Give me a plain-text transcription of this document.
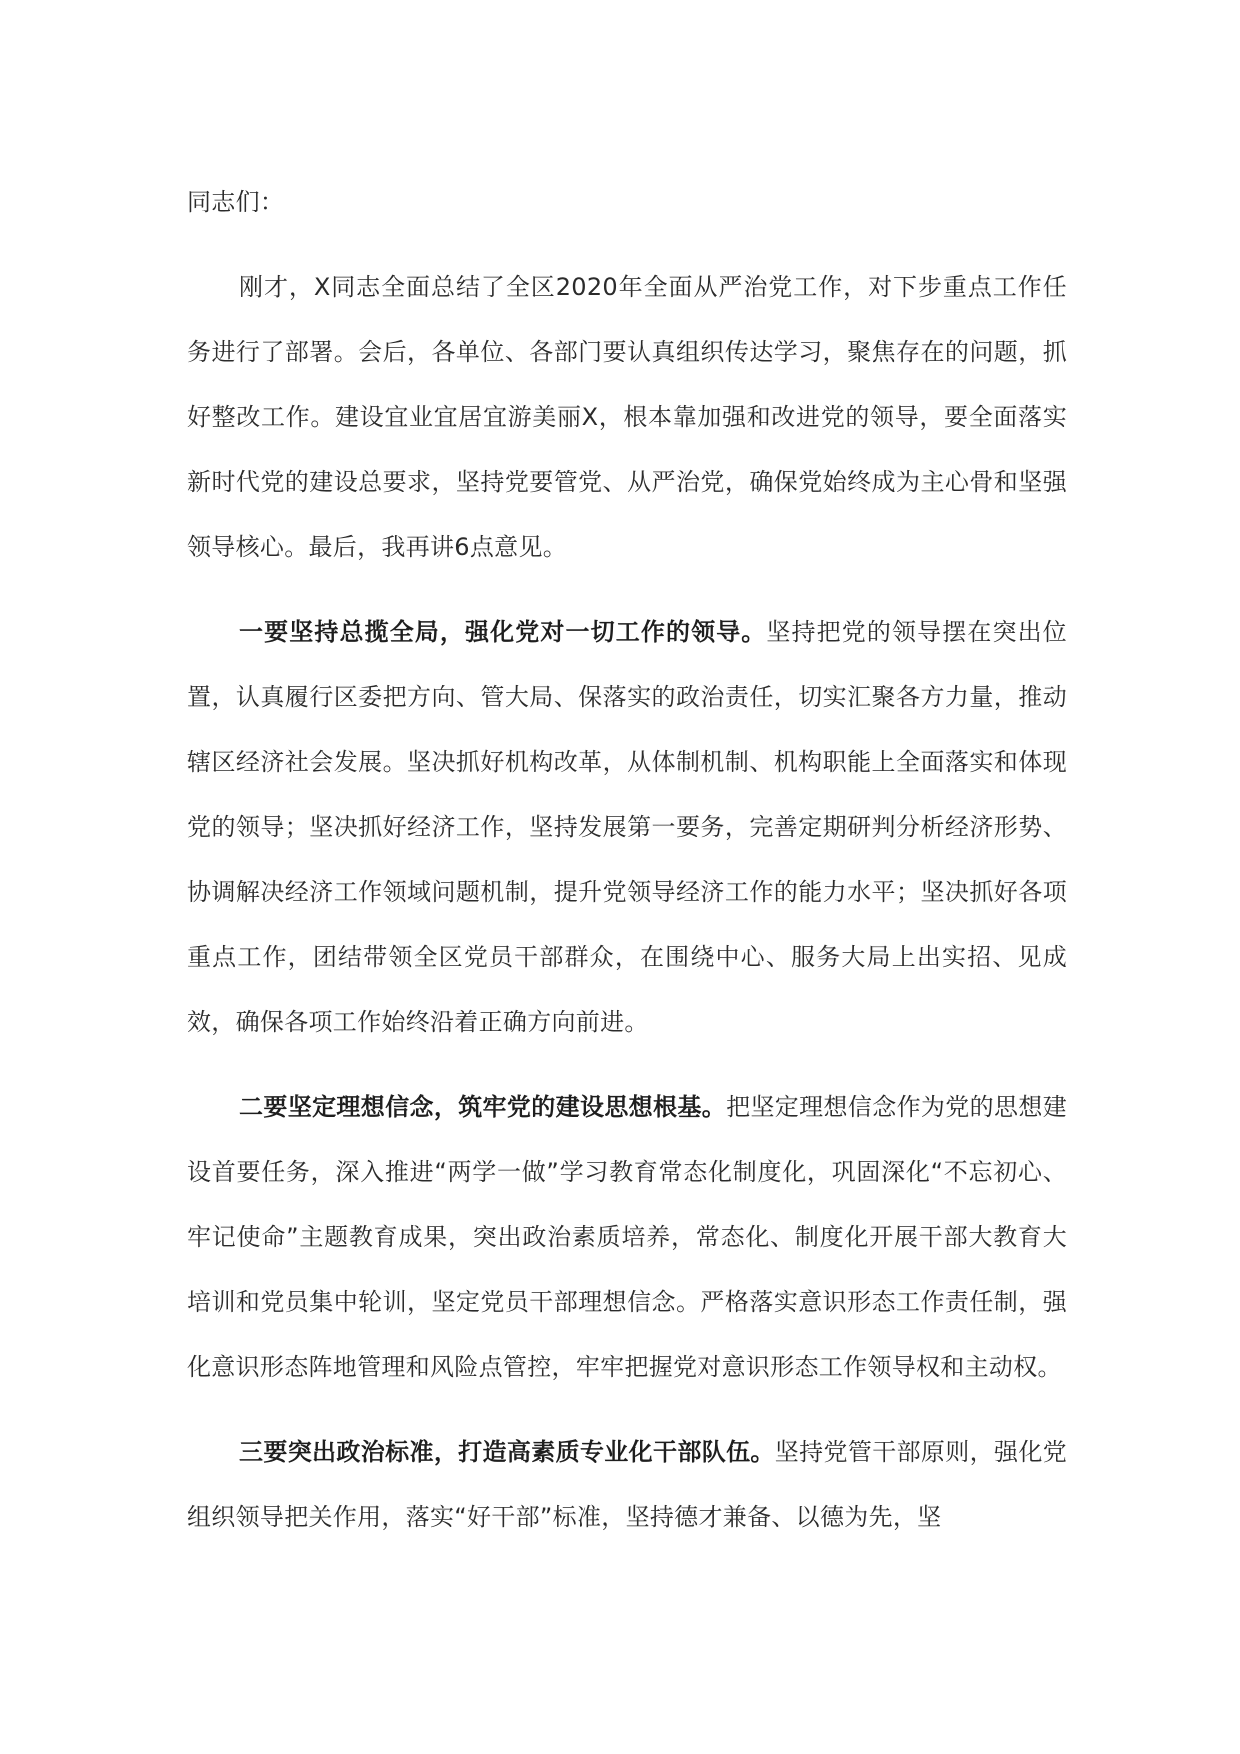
同志们：

刚才，X同志全面总结了全区2020年全面从严治党工作，对下步重点工作任务进行了部署。会后，各单位、各部门要认真组织传达学习，聚焦存在的问题，抓好整改工作。建设宜业宜居宜游美丽X，根本靠加强和改进党的领导，要全面落实新时代党的建设总要求，坚持党要管党、从严治党，确保党始终成为主心骨和坚强领导核心。最后，我再讲6点意见。

一要坚持总揽全局，强化党对一切工作的领导。坚持把党的领导摆在突出位置，认真履行区委把方向、管大局、保落实的政治责任，切实汇聚各方力量，推动辖区经济社会发展。坚决抓好机构改革，从体制机制、机构职能上全面落实和体现党的领导；坚决抓好经济工作，坚持发展第一要务，完善定期研判分析经济形势、协调解决经济工作领域问题机制，提升党领导经济工作的能力水平；坚决抓好各项重点工作，团结带领全区党员干部群众，在围绕中心、服务大局上出实招、见成效，确保各项工作始终沿着正确方向前进。

二要坚定理想信念，筑牢党的建设思想根基。把坚定理想信念作为党的思想建设首要任务，深入推进“两学一做”学习教育常态化制度化，巩固深化“不忘初心、牢记使命”主题教育成果，突出政治素质培养，常态化、制度化开展干部大教育大培训和党员集中轮训，坚定党员干部理想信念。严格落实意识形态工作责任制，强化意识形态阵地管理和风险点管控，牢牢把握党对意识形态工作领导权和主动权。

三要突出政治标准，打造高素质专业化干部队伍。坚持党管干部原则，强化党组织领导把关作用，落实“好干部”标准，坚持德才兼备、以德为先，坚
